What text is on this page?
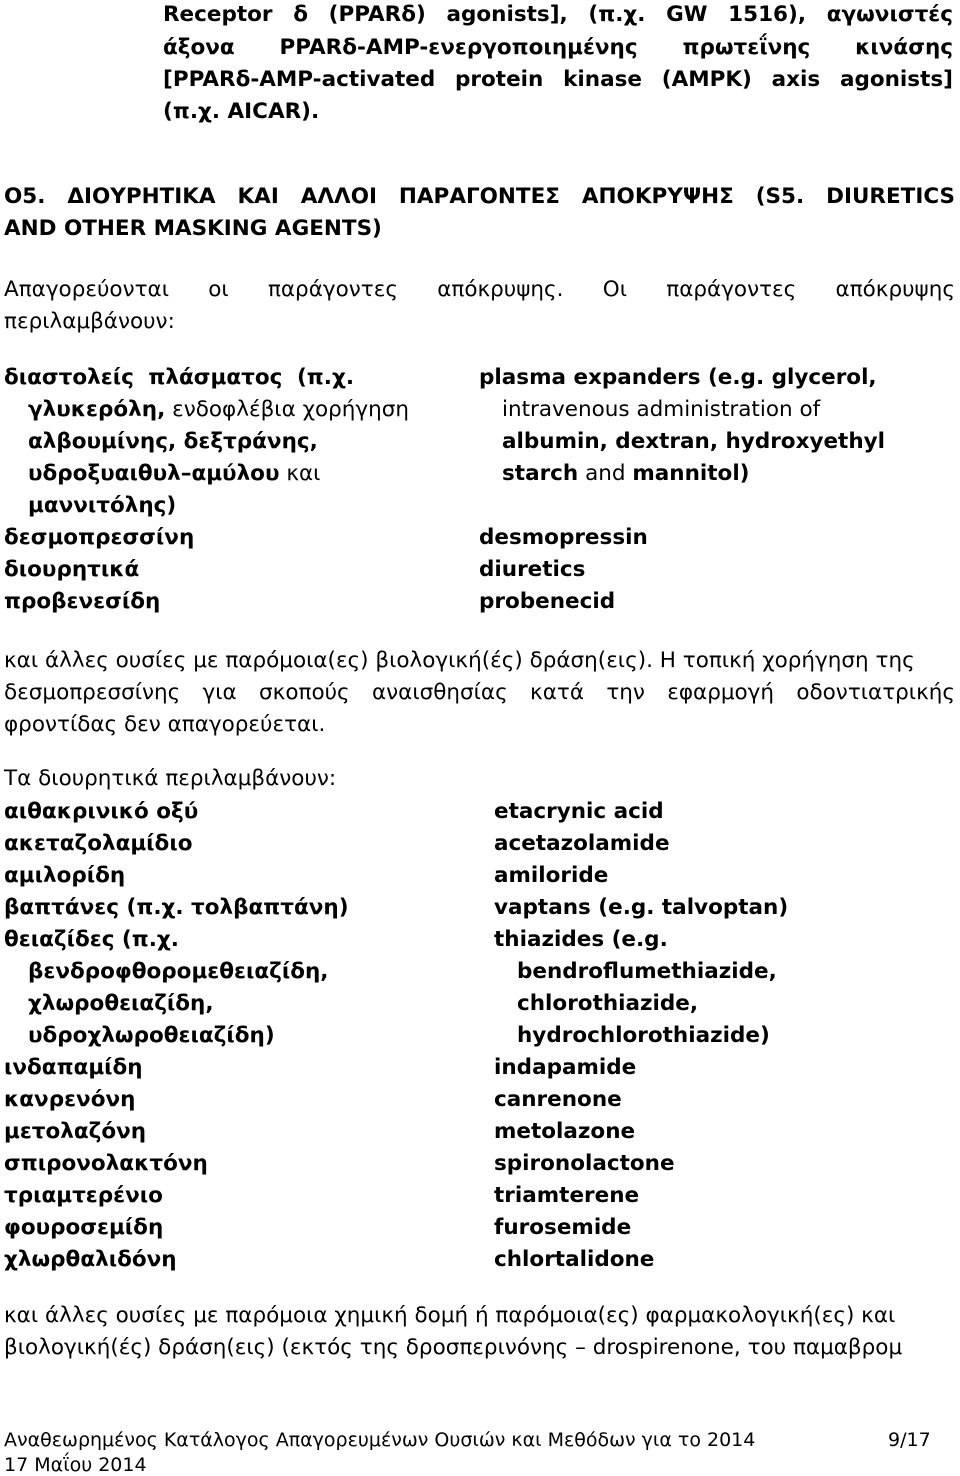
Receptor δ (PPARδ) agonists], (π.χ. GW 1516), αγωνιστές
άξονα PPARδ-AMP-ενεργοποιημένης πρωτεΐνης κινάσης
[PPARδ-AMP-activated protein kinase (AMPK) axis agonists]
(π.χ. AICAR).
O5. ΔΙΟΥΡΗΤΙΚΑ ΚΑΙ ΑΛΛΟΙ ΠΑΡΑΓΟΝΤΕΣ ΑΠΟΚΡΥΨΗΣ (S5. DIURETICS
AND OTHER MASKING AGENTS)
Απαγορεύονται οι παράγοντες απόκρυψης. Οι παράγοντες απόκρυψης
περιλαμβάνουν:
διαστολείς πλάσματος (π.χ.
γλυκερόλη, ενδοφλέβια χορήγηση
αλβουμίνης, δεξτράνης,
υδροξυαιθυλ–αμύλου και
μαννιτόλης)
δεσμοπρεσσίνη
διουρητικά
προβενεσίδη
plasma expanders (e.g. glycerol,
intravenous administration of
albumin, dextran, hydroxyethyl
starch and mannitol)
desmopressin
diuretics
probenecid
και άλλες ουσίες με παρόμοια(ες) βιολογική(ές) δράση(εις). Η τοπική χορήγηση της
δεσμοπρεσσίνης για σκοπούς αναισθησίας κατά την εφαρμογή οδοντιατρικής
φροντίδας δεν απαγορεύεται.
Τα διουρητικά περιλαμβάνουν:
αιθακρινικό οξύ
ακεταζολαμίδιο
αμιλορίδη
βαπτάνες (π.χ. τολβαπτάνη)
θειαζίδες (π.χ.
βενδροφθορομεθειαζίδη,
χλωροθειαζίδη,
υδροχλωροθειαζίδη)
ινδαπαμίδη
κανρενόνη
μετολαζόνη
σπιρονολακτόνη
τριαμτερένιο
φουροσεμίδη
χλωρθαλιδόνη
etacrynic acid
acetazolamide
amiloride
vaptans (e.g. talvoptan)
thiazides (e.g.
bendroflumethiazide,
chlorothiazide,
hydrochlorothiazide)
indapamide
canrenone
metolazone
spironolactone
triamterene
furosemide
chlortalidone
και άλλες ουσίες με παρόμοια χημική δομή ή παρόμοια(ες) φαρμακολογική(ες) και
βιολογική(ές) δράση(εις) (εκτός της δροσπερινόνης – drospirenone, του παμαβρομ
Αναθεωρημένος Κατάλογος Απαγορευμένων Ουσιών και Μεθόδων για το 2014	9/17
17 Μαΐου 2014
